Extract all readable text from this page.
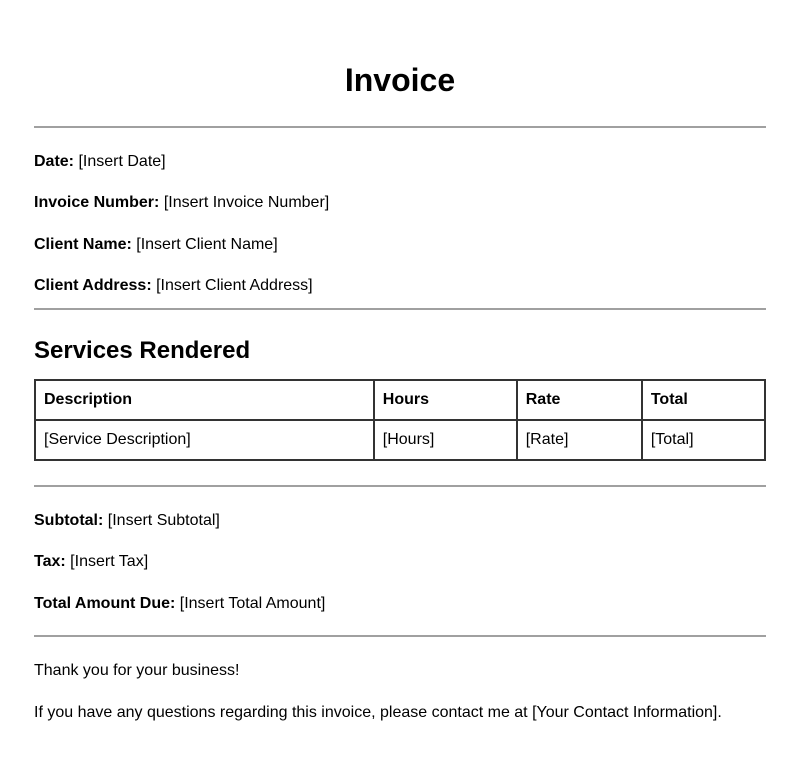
Invoice
Date: [Insert Date]
Invoice Number: [Insert Invoice Number]
Client Name: [Insert Client Name]
Client Address: [Insert Client Address]
Services Rendered
Description	Hours	Rate	Total
[Service Description]	[Hours]	[Rate]	[Total]
Subtotal: [Insert Subtotal]
Tax: [Insert Tax]
Total Amount Due: [Insert Total Amount]
Thank you for your business!
If you have any questions regarding this invoice, please contact me at [Your Contact Information].
